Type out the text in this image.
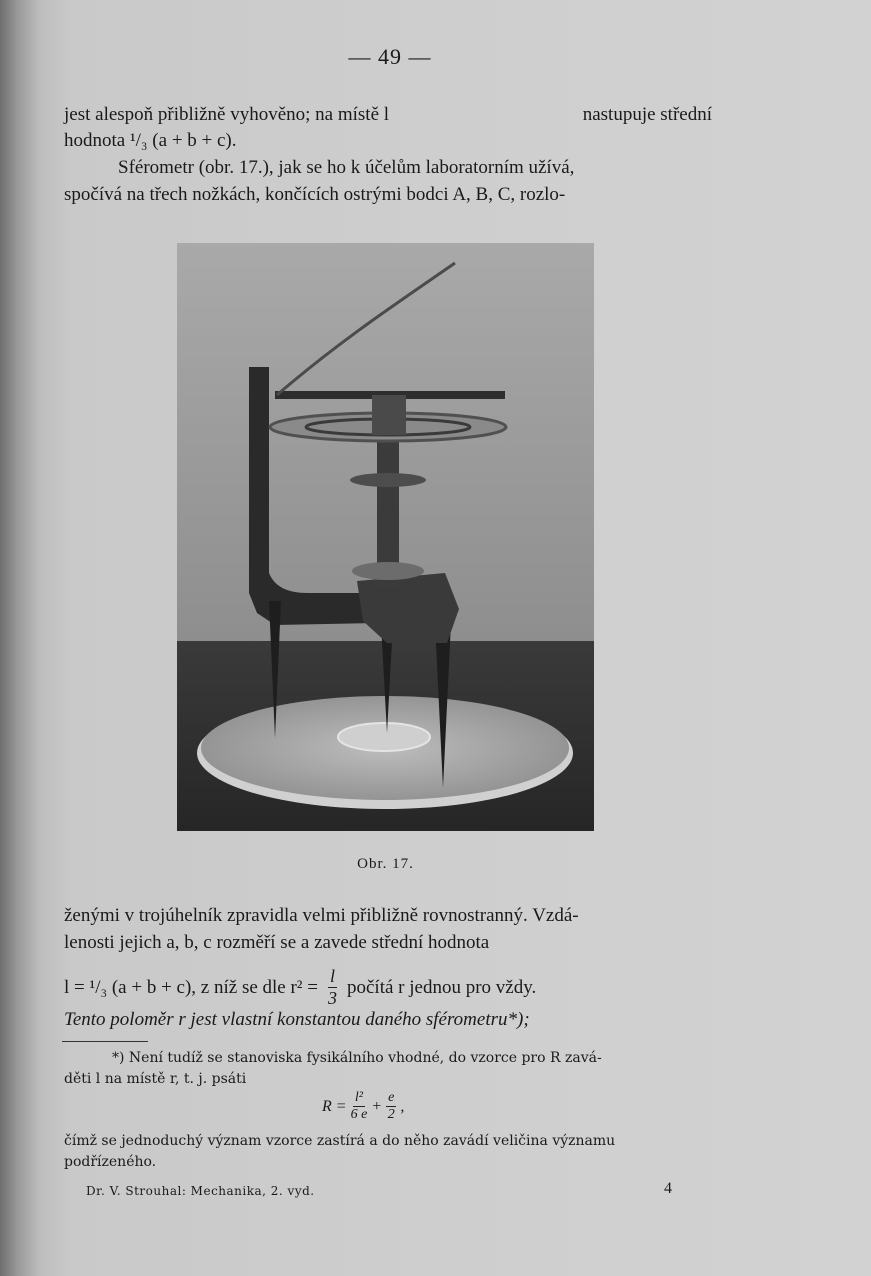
— 49 —
jest alespoň přibližně vyhověno; na místě l	nastupuje střední
hodnota ¹/₃ (a + b + c).
Sférometr (obr. 17.), jak se ho k účelům laboratorním užívá,
spočívá na třech nožkách, končících ostrými bodci A, B, C, rozlo-
Obr. 17.
ženými v trojúhelník zpravidla velmi přibližně rovnostranný. Vzdá-
lenosti jejich a, b, c rozměří se a zavede střední hodnota
l = ¹/₃ (a + b + c), z níž se dle $r^2 = \frac{l}{3}$ počítá r jednou pro vždy.
Tento poloměr r jest vlastní konstantou daného sférometru*);
*) Není tudíž se stanoviska fysikálního vhodné, do vzorce pro R zavá-
děti l na místě r, t. j. psáti
$R = \frac{\text{l²}}{6 e} + \frac{e}{2}$ ,
čímž se jednoduchý význam vzorce zastírá a do něho zavádí veličina významu
podřízeného.
Dr. V. Strouhal: Mechanika, 2. vyd.	4
